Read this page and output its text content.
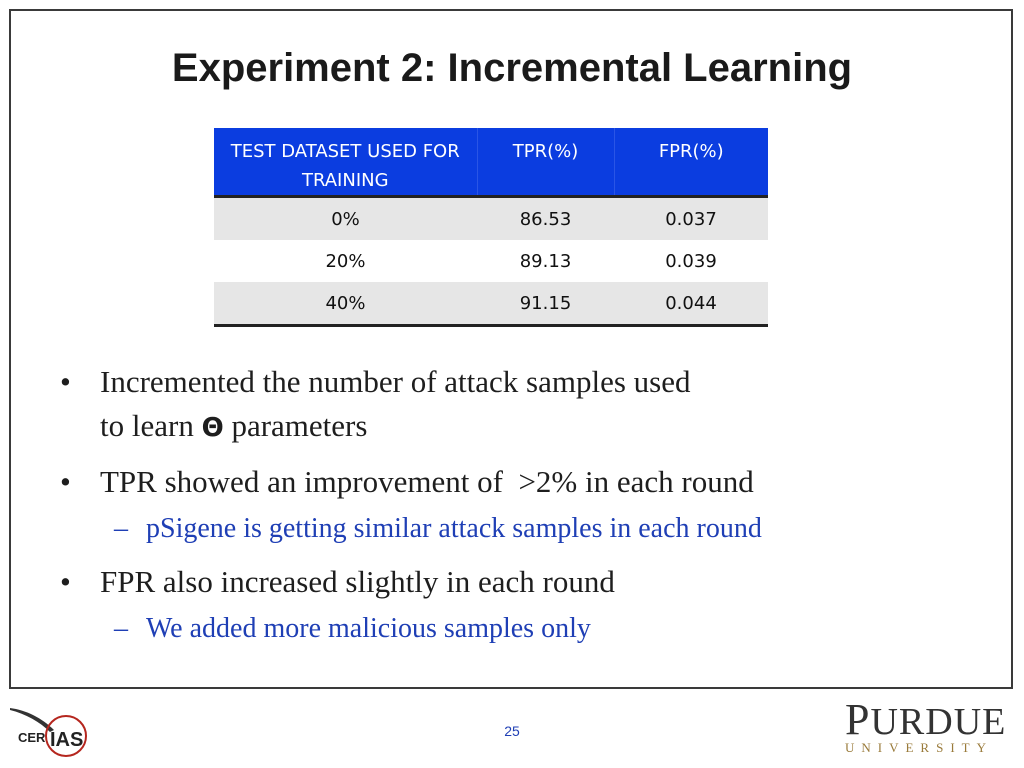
Experiment 2: Incremental Learning
TEST DATASET USED FOR TRAINING	TPR(%)	FPR(%)
0%	86.53	0.037
20%	89.13	0.039
40%	91.15	0.044
• Incremented the number of attack samples used
to learn Θ parameters
• TPR showed an improvement of  >2% in each round
– pSigene is getting similar attack samples in each round
• FPR also increased slightly in each round
– We added more malicious samples only
25
CER IAS	PURDUE
UNIVERSITY
